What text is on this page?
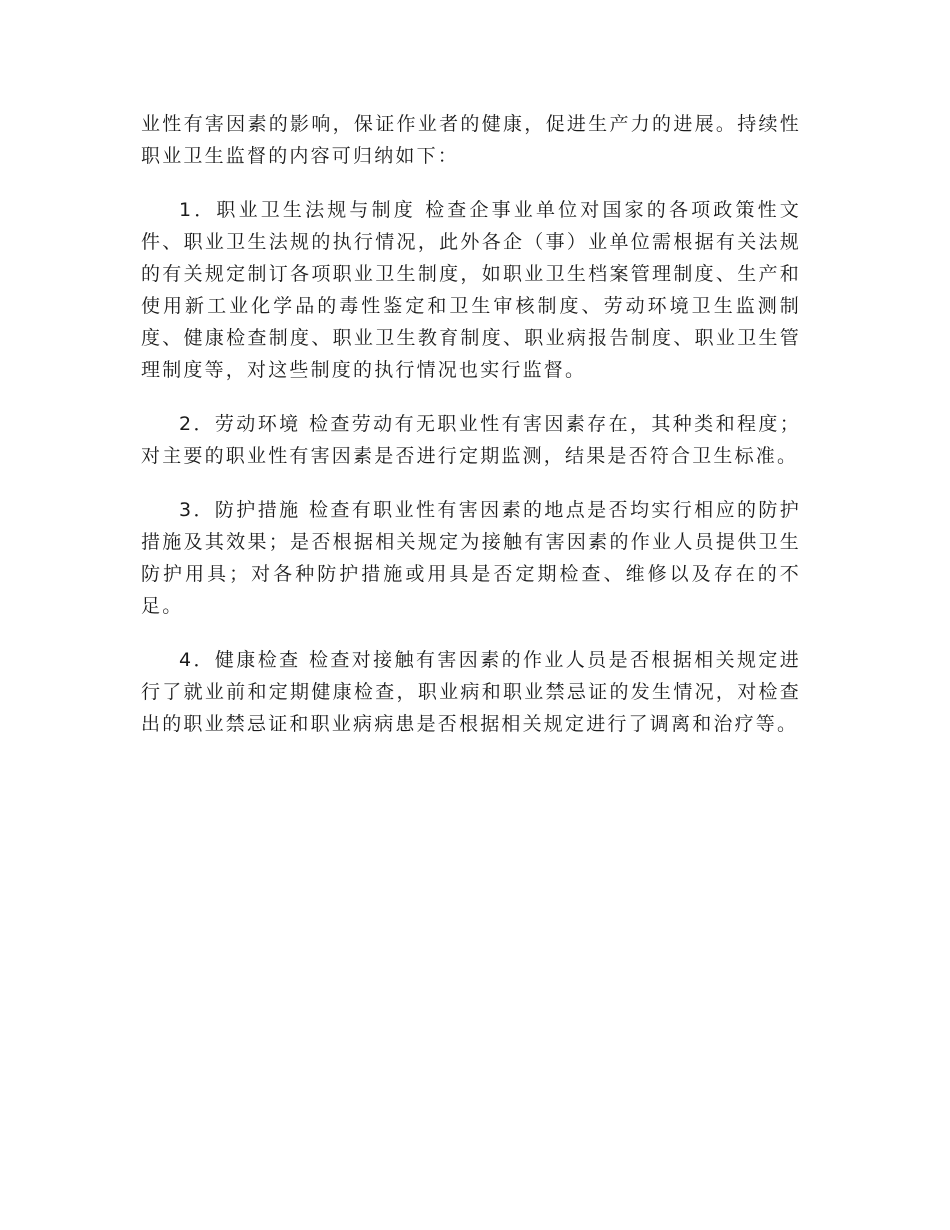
业性有害因素的影响，保证作业者的健康，促进生产力的进展。持续性职业卫生监督的内容可归纳如下：

1．职业卫生法规与制度 检查企事业单位对国家的各项政策性文件、职业卫生法规的执行情况，此外各企（事）业单位需根据有关法规的有关规定制订各项职业卫生制度，如职业卫生档案管理制度、生产和使用新工业化学品的毒性鉴定和卫生审核制度、劳动环境卫生监测制度、健康检查制度、职业卫生教育制度、职业病报告制度、职业卫生管理制度等，对这些制度的执行情况也实行监督。

2．劳动环境 检查劳动有无职业性有害因素存在，其种类和程度；对主要的职业性有害因素是否进行定期监测，结果是否符合卫生标准。

3．防护措施 检查有职业性有害因素的地点是否均实行相应的防护措施及其效果；是否根据相关规定为接触有害因素的作业人员提供卫生防护用具；对各种防护措施或用具是否定期检查、维修以及存在的不足。

4．健康检查 检查对接触有害因素的作业人员是否根据相关规定进行了就业前和定期健康检查，职业病和职业禁忌证的发生情况，对检查出的职业禁忌证和职业病病患是否根据相关规定进行了调离和治疗等。
